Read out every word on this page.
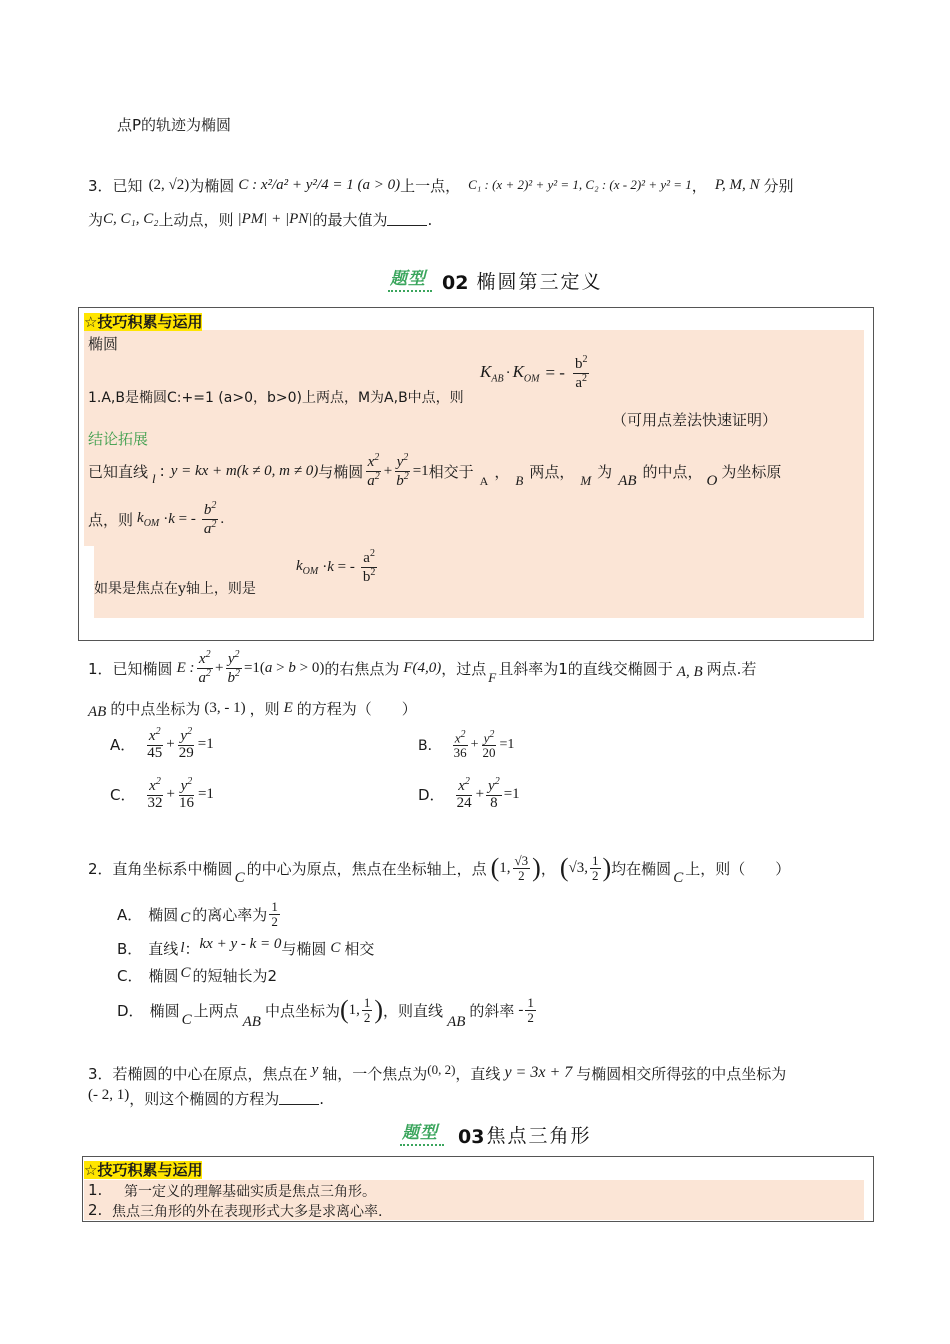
点P的轨迹为椭圆
3． 已知 (2, √2) 为椭圆 C : x²/a² + y²/4 = 1 (a > 0) 上一点， C₁ : (x + 2)² + y² = 1, C₂ : (x - 2)² + y² = 1 ， P, M, N 分别
为 C, C₁, C₂ 上动点，则 |PM| + |PN| 的最大值为	.
题型 02 椭圆第三定义
☆技巧积累与运用
椭圆
$K_{AB} \cdot K_{OM}$ = - $\frac{b^2}{a^2}$
1.A,B是椭圆C:+=1 (a>0，b>0)上两点，M为A,B中点，则
（可用点差法快速证明）
结论拓展
已知直线 l : y = kx + m(k ≠ 0, m ≠ 0) 与椭圆 $\frac{x^2}{a^2} + \frac{y^2}{b^2} =1$ 相交于 A ， B 两点， M 为 AB 的中点， O 为坐标原
点，则 $k_{OM} \cdot k$ = - $\frac{b^2}{a^2}$ .
如果是焦点在y轴上，则是
$k_{OM} \cdot k$ = - $\frac{a^2}{b^2}$
1． 已知椭圆 E : $\frac{x^2}{a^2} + \frac{y^2}{b^2} =1(a > b > 0)$ 的右焦点为 F(4,0) ，过点 F 且斜率为1的直线交椭圆于 A, B 两点.若
AB 的中点坐标为 (3, - 1) ，则 E 的方程为（　　）
A． $\frac{x^2}{45} + \frac{y^2}{29} =1$	B． $\frac{x^2}{36} + \frac{y^2}{20} =1$
C． $\frac{x^2}{32} + \frac{y^2}{16} =1$	D． $\frac{x^2}{24} + \frac{y^2}{8} =1$
2． 直角坐标系中椭圆 C 的中心为原点，焦点在坐标轴上，点 ( 1, $\frac{√3}{2}$ ) ， ( √3, $\frac{1}{2}$ ) 均在椭圆 C 上，则（　　）
A． 椭圆 C 的离心率为 $\frac{1}{2}$
B． 直线 l ： kx + y - k = 0 与椭圆 C 相交
C． 椭圆 C 的短轴长为2
D． 椭圆 C 上两点
AB
中点坐标为 ( 1, $\frac{1}{2}$ ) ，则直线
AB
的斜率 - $\frac{1}{2}$
3． 若椭圆的中心在原点，焦点在 y 轴，一个焦点为 (0, 2) ，直线 y = 3x + 7 与椭圆相交所得弦的中点坐标为
(- 2, 1) ，则这个椭圆的方程为	.
题型 03 焦点三角形
☆技巧积累与运用
1.	第一定义的理解基础实质是焦点三角形。
2. 焦点三角形的外在表现形式大多是求离心率.
